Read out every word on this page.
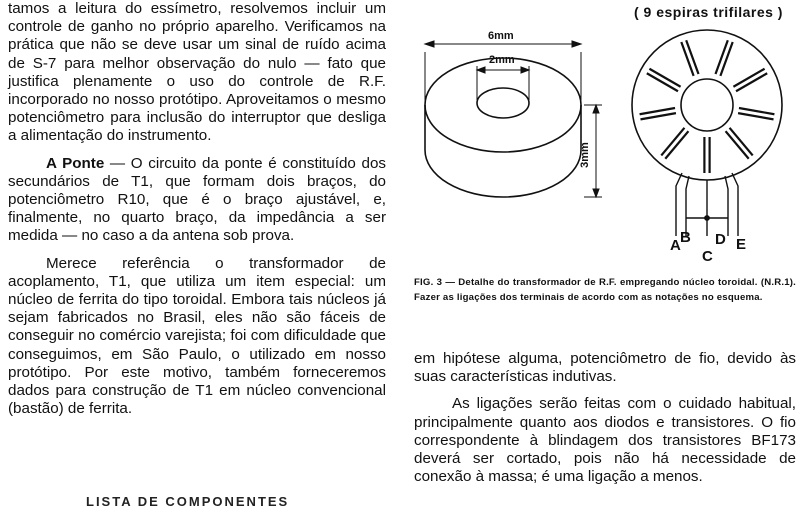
tamos a leitura do essímetro, resolvemos incluir um controle de ganho no próprio aparelho. Verificamos na prática que não se deve usar um sinal de ruído acima de S-7 para melhor observação do nulo — fato que justifica plenamente o uso do controle de R.F. incorporado no nosso protótipo. Aproveitamos o mesmo potenciômetro para inclusão do interruptor que desliga a alimentação do instrumento.

A Ponte — O circuito da ponte é constituído dos secundários de T1, que formam dois braços, do potenciômetro R10, que é o braço ajustável, e, finalmente, no quarto braço, da impedância a ser medida — no caso a da antena sob prova.

Merece referência o transformador de acoplamento, T1, que utiliza um item especial: um núcleo de ferrita do tipo toroidal. Embora tais núcleos já sejam fabricados no Brasil, eles não são fáceis de conseguir no comércio varejista; foi com dificuldade que conseguimos, em São Paulo, o utilizado em nosso protótipo. Por este motivo, também forneceremos dados para construção de T1 em núcleo convencional (bastão) de ferrita.

LISTA DE COMPONENTES
6mm
2mm
3mm
A B
C
D E
( 9 espiras trifilares )
FIG. 3 — Detalhe do transformador de R.F. empregando núcleo toroidal. (N.R.1). Fazer as ligações dos terminais de acordo com as notações no esquema.

em hipótese alguma, potenciômetro de fio, devido às suas características indutivas.

As ligações serão feitas com o cuidado habitual, principalmente quanto aos diodos e transistores. O fio correspondente à blindagem dos transistores BF173 deverá ser cortado, pois não há necessidade de conexão à massa; é uma ligação a menos.
